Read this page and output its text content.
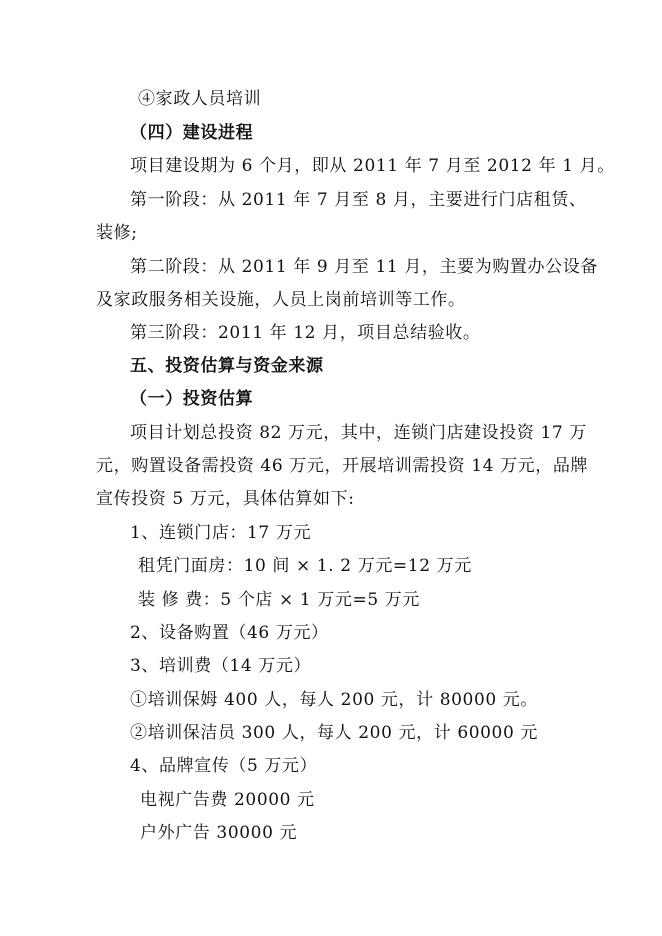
④家政人员培训
（四）建设进程
项目建设期为 6 个月，即从 2011 年 7 月至 2012 年 1 月。
第一阶段：从 2011 年 7 月至 8 月，主要进行门店租赁、
装修;
第二阶段：从 2011 年 9 月至 11 月，主要为购置办公设备
及家政服务相关设施，人员上岗前培训等工作。
第三阶段：2011 年 12 月，项目总结验收。
五、投资估算与资金来源
（一）投资估算
项目计划总投资 82 万元，其中，连锁门店建设投资 17 万
元，购置设备需投资 46 万元，开展培训需投资 14 万元，品牌
宣传投资 5 万元，具体估算如下:
1、连锁门店：17 万元
租凭门面房：10 间 × 1. 2 万元=12 万元
装 修 费：5 个店 × 1 万元=5 万元
2、设备购置（46 万元）
3、培训费（14 万元）
①培训保姆 400 人，每人 200 元，计 80000 元。
②培训保洁员 300 人，每人 200 元，计 60000 元
4、品牌宣传（5 万元）
电视广告费 20000 元
户外广告 30000 元
